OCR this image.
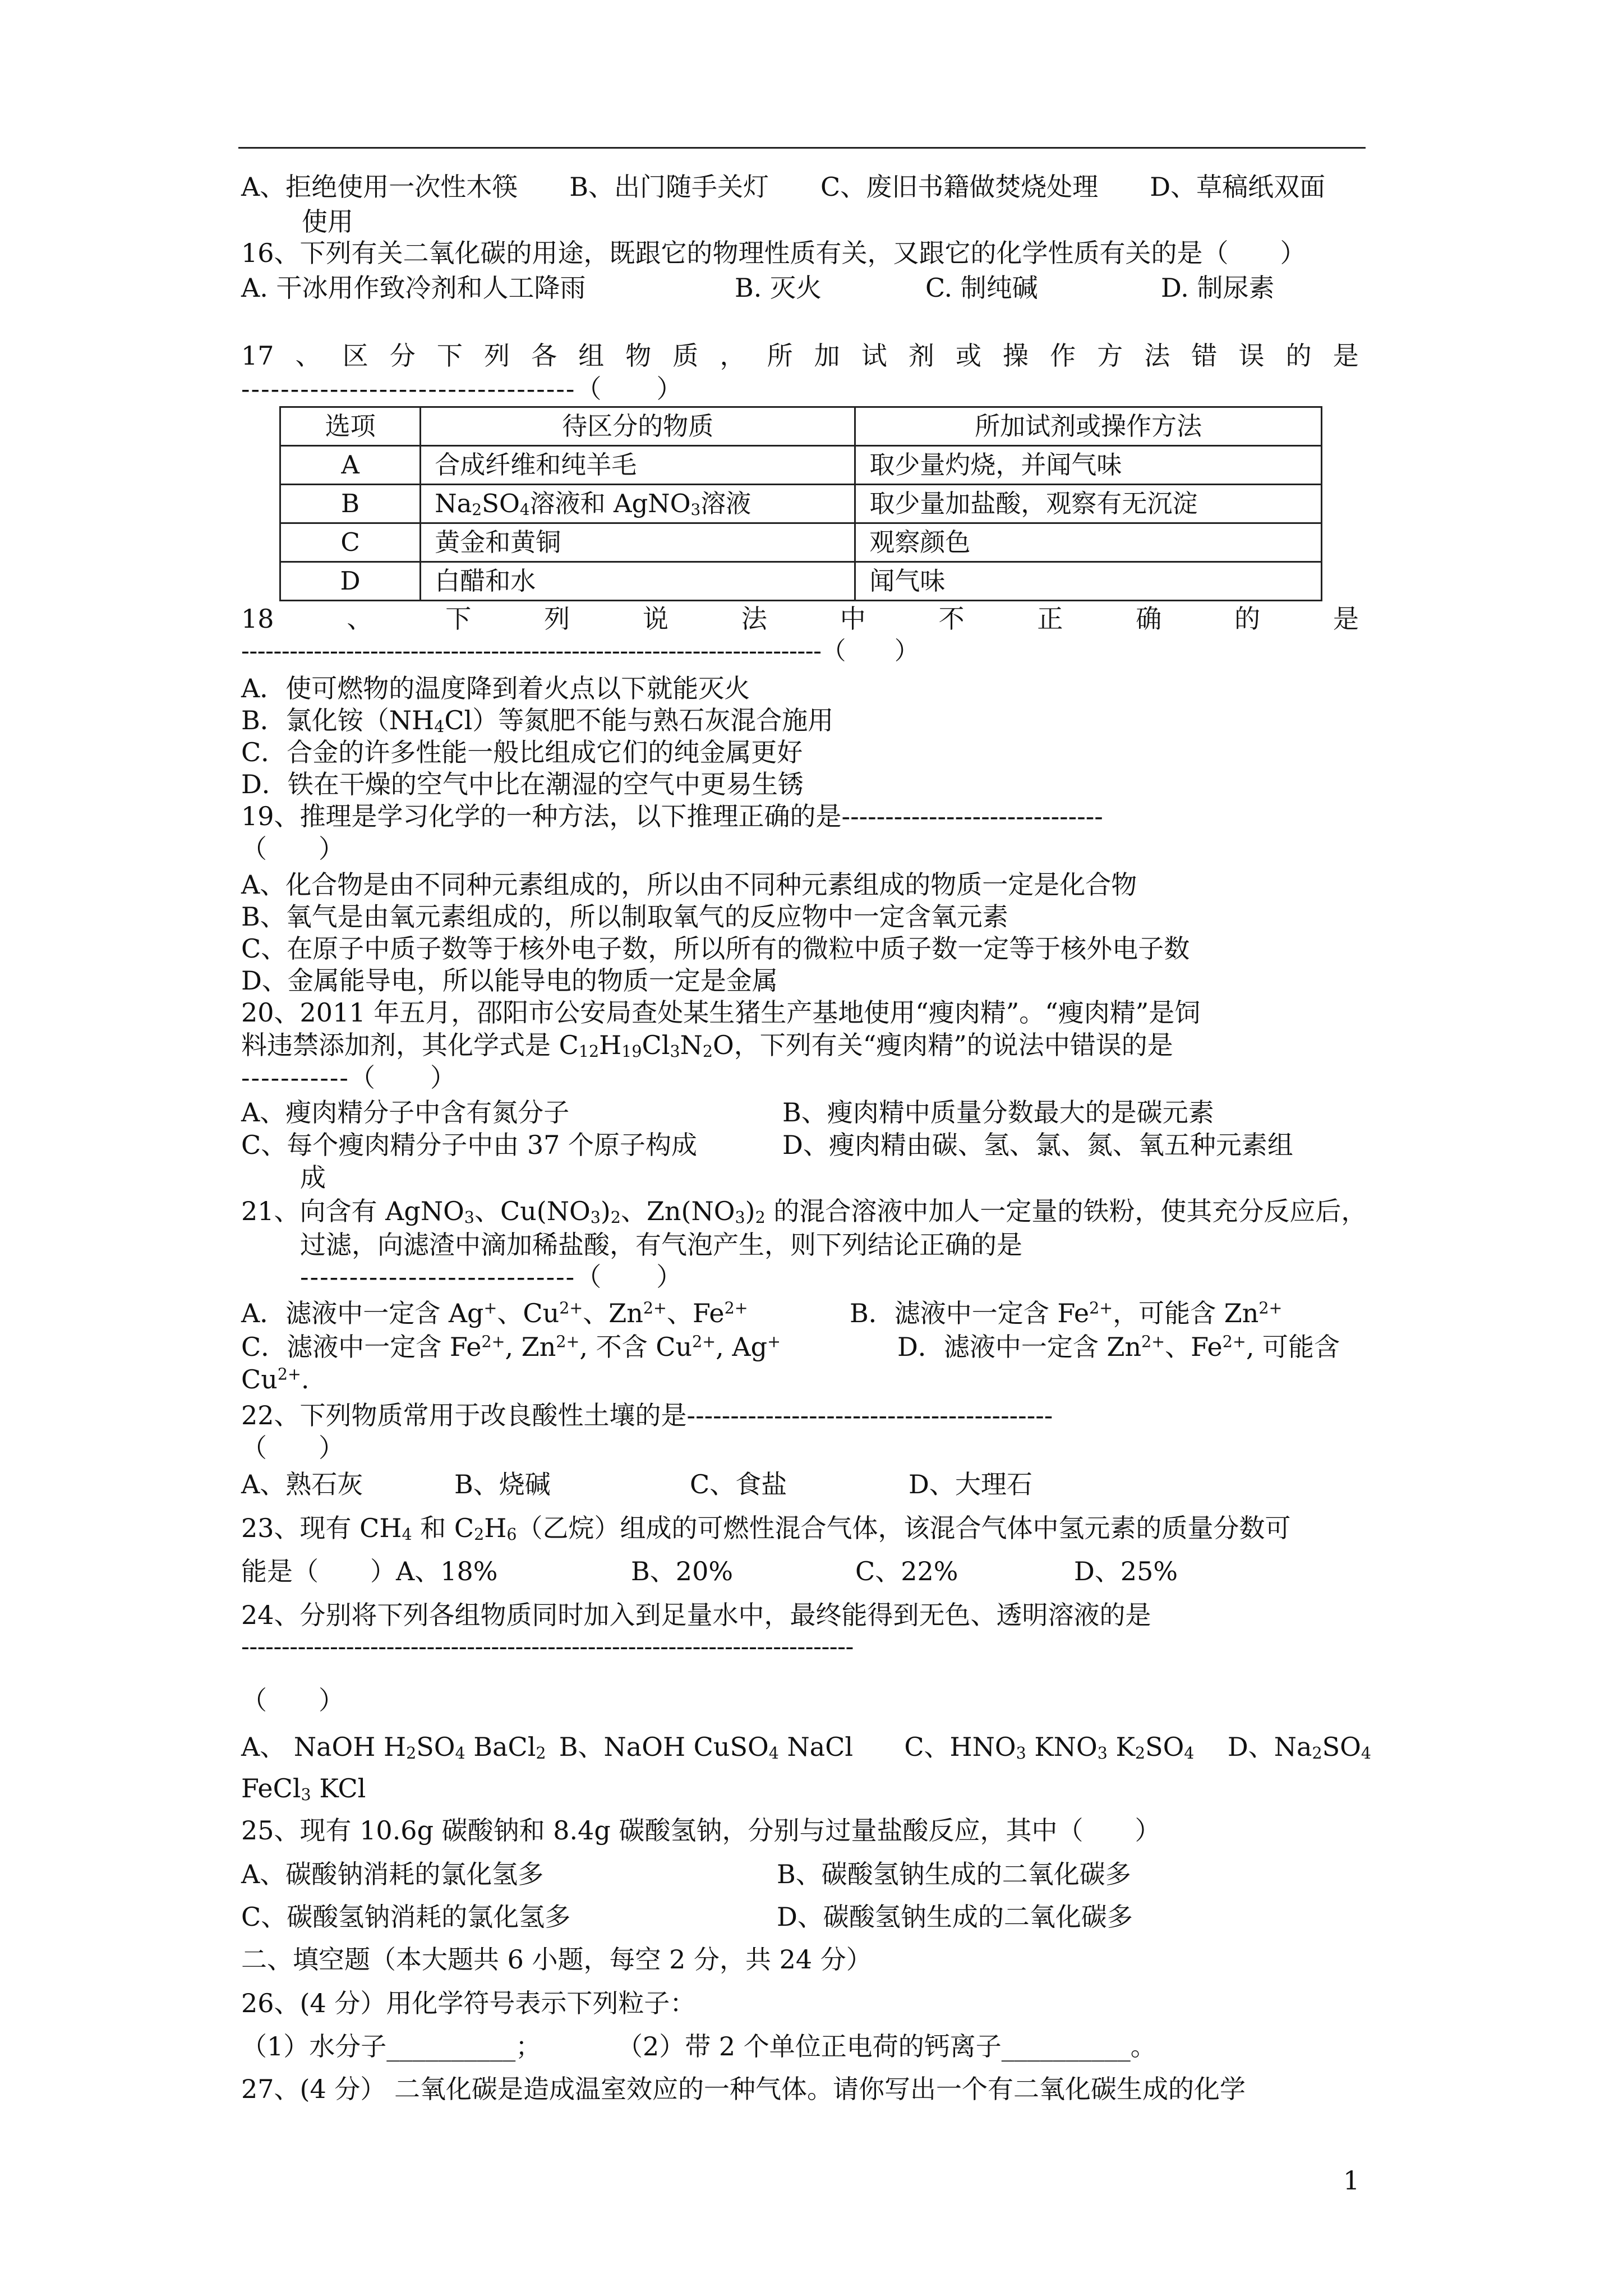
A、拒绝使用一次性木筷　　B、出门随手关灯　　C、废旧书籍做焚烧处理　　D、草稿纸双面
使用
16、下列有关二氧化碳的用途，既跟它的物理性质有关，又跟它的化学性质有关的是（　　）
A. 干冰用作致冷剂和人工降雨	B. 灭火	C. 制纯碱	D. 制尿素
17 、 区 分 下 列 各 组 物 质 ， 所 加 试 剂 或 操 作 方 法 错 误 的 是
----------------------------------（　　）
选项	待区分的物质	所加试剂或操作方法
A	合成纤维和纯羊毛	取少量灼烧，并闻气味
B	$Na_2SO_4$溶液和 AgNO$_3$溶液	取少量加盐酸，观察有无沉淀
C	黄金和黄铜	观察颜色
D	白醋和水	闻气味
18	、	下	列	说	法	中	不	正	确	的	是
------------------------------------------------------------------------（　　）
A．使可燃物的温度降到着火点以下就能灭火
B．氯化铵$(NH_4Cl)$等氮肥不能与熟石灰混合施用
C．合金的许多性能一般比组成它们的纯金属更好
D．铁在干燥的空气中比在潮湿的空气中更易生锈
19、推理是学习化学的一种方法，以下推理正确的是------------------------------
（　　）
A、化合物是由不同种元素组成的，所以由不同种元素组成的物质一定是化合物
B、氧气是由氧元素组成的，所以制取氧气的反应物中一定含氧元素
C、在原子中质子数等于核外电子数，所以所有的微粒中质子数一定等于核外电子数
D、金属能导电，所以能导电的物质一定是金属
20、2011 年五月，邵阳市公安局查处某生猪生产基地使用“瘦肉精”。“瘦肉精”是饲
料违禁添加剂，其化学式是 $C_{12}H_{19}Cl_3N_2O$，下列有关“瘦肉精”的说法中错误的是
-----------（　　）
A、瘦肉精分子中含有氮分子	B、瘦肉精中质量分数最大的是碳元素
C、每个瘦肉精分子中由 37 个原子构成	D、瘦肉精由碳、氢、氯、氮、氧五种元素组
成
21、向含有 AgNO$_3$、$Cu(NO_3)_2$、$Zn(NO_3)_2$ 的混合溶液中加人一定量的铁粉，使其充分反应后，
过滤，向滤渣中滴加稀盐酸，有气泡产生，则下列结论正确的是
----------------------------（　　）
A．滤液中一定含 Ag+、$Cu^{2+}$、$Zn^{2+}$、$Fe^{2+}$	B．滤液中一定含 $Fe^{2+}$，可能含 $Zn^{2+}$
C．滤液中一定含 $Fe^{2+}$, $Zn^{2+}$, 不含 $Cu^{2+}$, Ag+	D．滤液中一定含 $Zn^{2+}$、$Fe^{2+}$, 可能含
$Cu^{2+}$.
22、下列物质常用于改良酸性土壤的是------------------------------------------
（　　）
A、熟石灰	B、烧碱	C、食盐	D、大理石
23、现有 $CH_4$ 和 $C_2H_6$（乙烷）组成的可燃性混合气体，该混合气体中氢元素的质量分数可
能是（　　）A、18%	B、20%	C、22%	D、25%
24、分别将下列各组物质同时加入到足量水中，最终能得到无色、透明溶液的是
----------------------------------------------------------------------------
（　　）
A、 NaOH $H_2SO_4$ BaCl$_2$ B、NaOH CuSO$_4$ NaCl	C、$HNO_3$ $KNO_3$ $K_2SO_4$	D、$Na_2SO_4$
FeCl$_3$ KCl
25、现有 10.6g 碳酸钠和 8.4g 碳酸氢钠，分别与过量盐酸反应，其中（　　）
A、碳酸钠消耗的氯化氢多	B、碳酸氢钠生成的二氧化碳多
C、碳酸氢钠消耗的氯化氢多	D、碳酸氢钠生成的二氧化碳多
二、填空题（本大题共 6 小题，每空 2 分，共 24 分）
26、(4 分）用化学符号表示下列粒子：
（1）水分子__________；	（2）带 2 个单位正电荷的钙离子__________。
27、(4 分） 二氧化碳是造成温室效应的一种气体。请你写出一个有二氧化碳生成的化学
1
